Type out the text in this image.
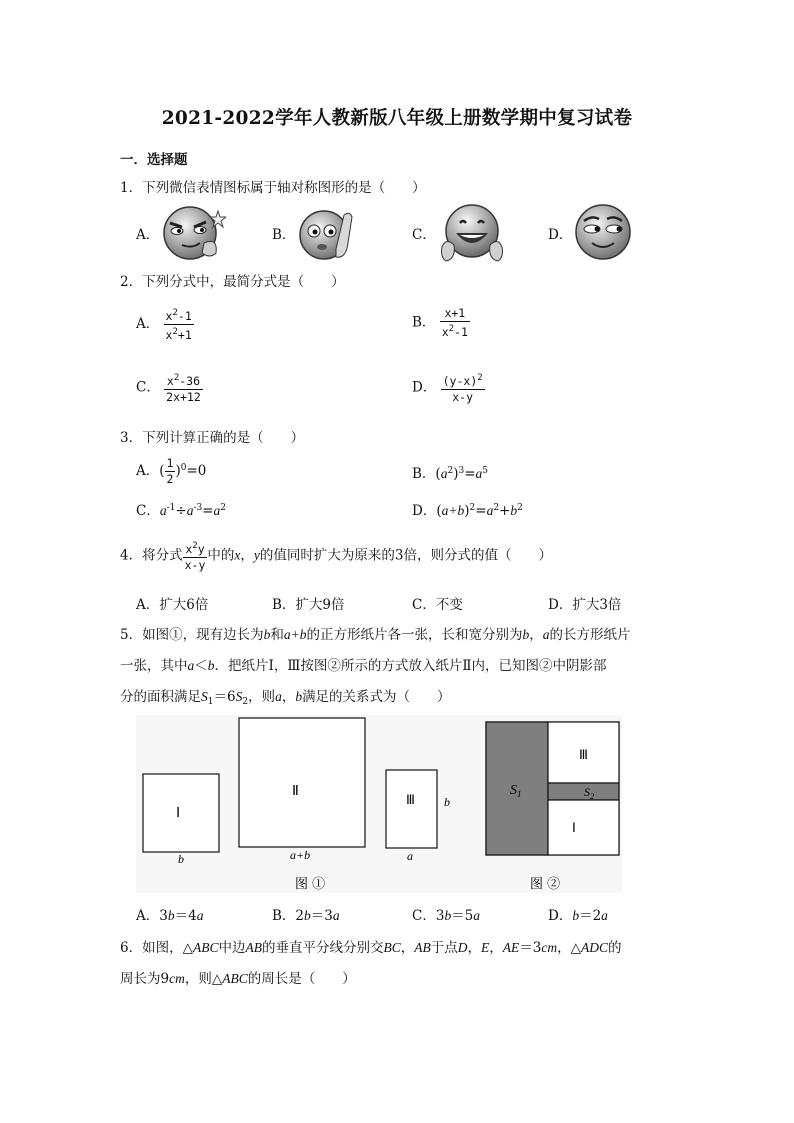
2021-2022学年人教新版八年级上册数学期中复习试卷
一．选择题
1．下列微信表情图标属于轴对称图形的是（　　）
A．	B．	C．	D．
2．下列分式中，最简分式是（　　）
A． $\frac{x^2-1}{x^2+1}$	B． $\frac{x+1}{x^2-1}$
C． $\frac{x^2-36}{2x+12}$	D． $\frac{(y-x)^2}{x-y}$
3．下列计算正确的是（　　）
A．( $\frac{1}{2} )^0=0$	B．$(a^2)^3=a^5$
C．$a^{-1}\div a^{-3}=a^2$	D．$(a+b)^2=a^2+b^2$
4．将分式 $\frac{x^2y}{x-y}$ 中的x，y的值同时扩大为原来的3倍，则分式的值（　　）
A．扩大6倍	B．扩大9倍	C．不变	D．扩大3倍
5．如图①，现有边长为b和a+b的正方形纸片各一张，长和宽分别为b，a的长方形纸片
一张，其中a＜b．把纸片Ⅰ，Ⅲ按图②所示的方式放入纸片Ⅱ内，已知图②中阴影部
分的面积满足$S_1=6S_2$，则a，b满足的关系式为（　　）
Ⅰ
b
Ⅱ
a+b
Ⅲ
a
b
图 ①
Ⅲ
$S_1$	$S_2$
Ⅰ
图 ②
A．3b＝4a	B．2b＝3a	C．3b＝5a	D．b＝2a
6．如图，△ABC中边AB的垂直平分线分别交BC，AB于点D，E，AE＝3cm，△ADC的
周长为9cm，则△ABC的周长是（　　）
